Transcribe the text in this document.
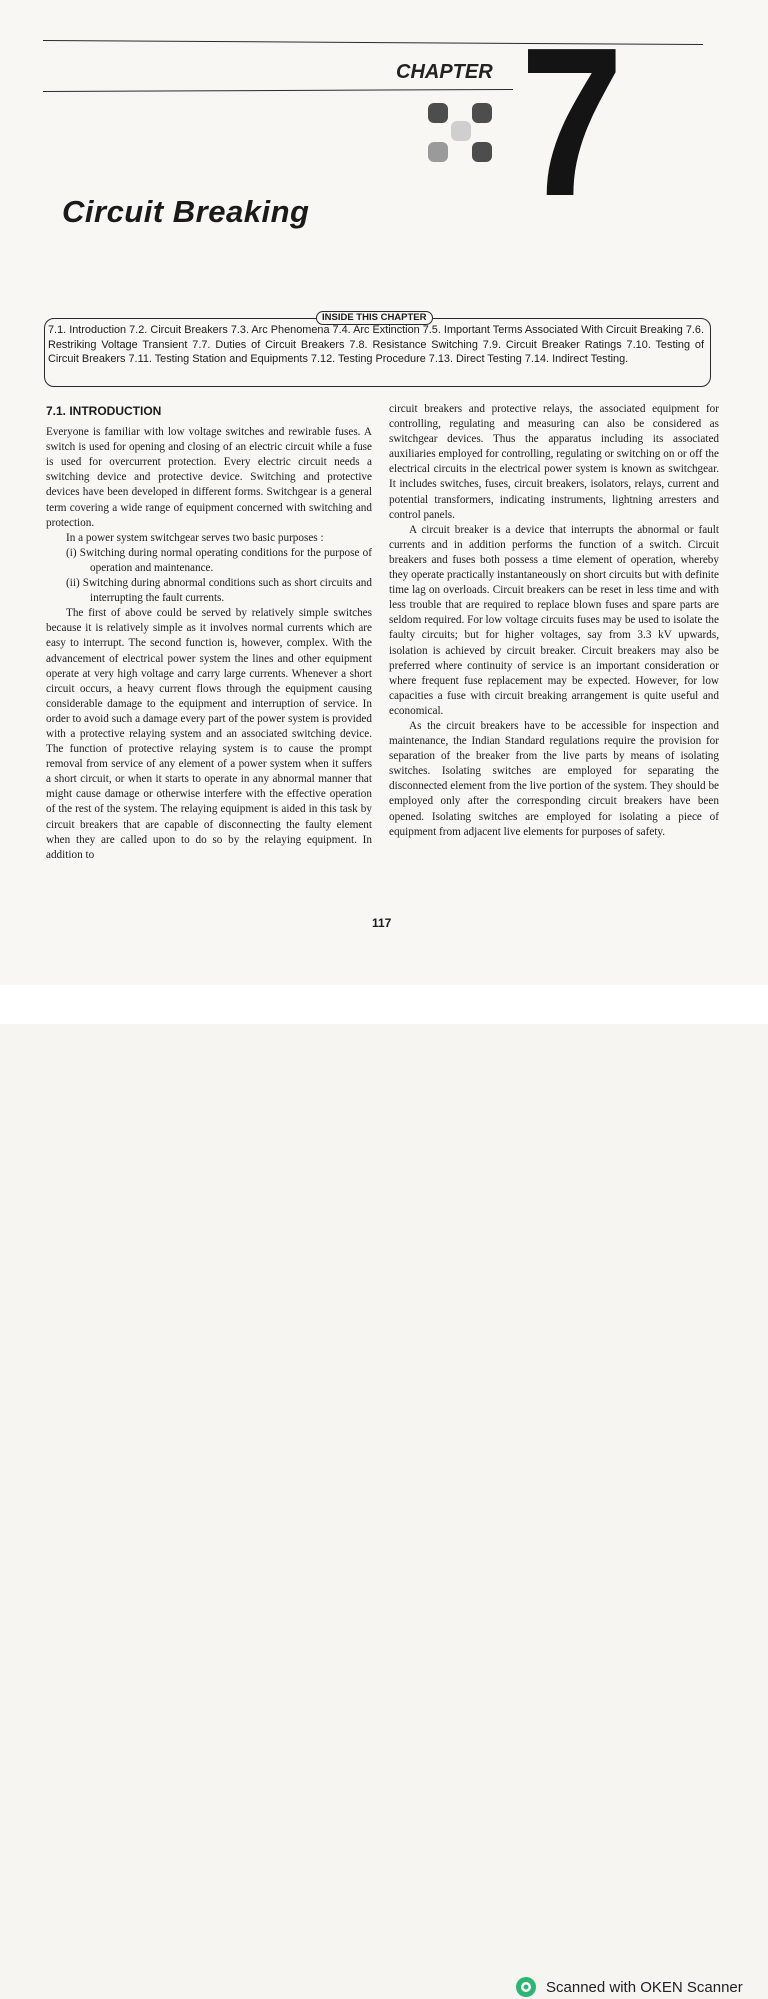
CHAPTER 7
Circuit Breaking
INSIDE THIS CHAPTER

7.1. Introduction 7.2. Circuit Breakers 7.3. Arc Phenomena 7.4. Arc Extinction 7.5. Important Terms Associated With Circuit Breaking 7.6. Restriking Voltage Transient 7.7. Duties of Circuit Breakers 7.8. Resistance Switching 7.9. Circuit Breaker Ratings 7.10. Testing of Circuit Breakers 7.11. Testing Station and Equipments 7.12. Testing Procedure 7.13. Direct Testing 7.14. Indirect Testing.

7.1. INTRODUCTION

Everyone is familiar with low voltage switches and rewirable fuses. A switch is used for opening and closing of an electric circuit while a fuse is used for overcurrent protection. Every electric circuit needs a switching device and protective device. Switching and protective devices have been developed in different forms. Switchgear is a general term covering a wide range of equipment concerned with switching and protection.

In a power system switchgear serves two basic purposes :

(i) Switching during normal operating conditions for the purpose of operation and maintenance.

(ii) Switching during abnormal conditions such as short circuits and interrupting the fault currents.

The first of above could be served by relatively simple switches because it is relatively simple as it involves normal currents which are easy to interrupt. The second function is, however, complex. With the advancement of electrical power system the lines and other equipment operate at very high voltage and carry large currents. Whenever a short circuit occurs, a heavy current flows through the equipment causing considerable damage to the equipment and interruption of service. In order to avoid such a damage every part of the power system is provided with a protective relaying system and an associated switching device. The function of protective relaying system is to cause the prompt removal from service of any element of a power system when it suffers a short circuit, or when it starts to operate in any abnormal manner that might cause damage or otherwise interfere with the effective operation of the rest of the system. The relaying equipment is aided in this task by circuit breakers that are capable of disconnecting the faulty element when they are called upon to do so by the relaying equipment. In addition to

circuit breakers and protective relays, the associated equipment for controlling, regulating and measuring can also be considered as switchgear devices. Thus the apparatus including its associated auxiliaries employed for controlling, regulating or switching on or off the electrical circuits in the electrical power system is known as switchgear. It includes switches, fuses, circuit breakers, isolators, relays, current and potential transformers, indicating instruments, lightning arresters and control panels.

A circuit breaker is a device that interrupts the abnormal or fault currents and in addition performs the function of a switch. Circuit breakers and fuses both possess a time element of operation, whereby they operate practically instantaneously on short circuits but with definite time lag on overloads. Circuit breakers can be reset in less time and with less trouble that are required to replace blown fuses and spare parts are seldom required. For low voltage circuits fuses may be used to isolate the faulty circuits; but for higher voltages, say from 3.3 kV upwards, isolation is achieved by circuit breaker. Circuit breakers may also be preferred where continuity of service is an important consideration or where frequent fuse replacement may be expected. However, for low capacities a fuse with circuit breaking arrangement is quite useful and economical.

As the circuit breakers have to be accessible for inspection and maintenance, the Indian Standard regulations require the provision for separation of the breaker from the live parts by means of isolating switches. Isolating switches are employed for separating the disconnected element from the live portion of the system. They should be employed only after the corresponding circuit breakers have been opened. Isolating switches are employed for isolating a piece of equipment from adjacent live elements for purposes of safety.

117
Scanned with OKEN Scanner
